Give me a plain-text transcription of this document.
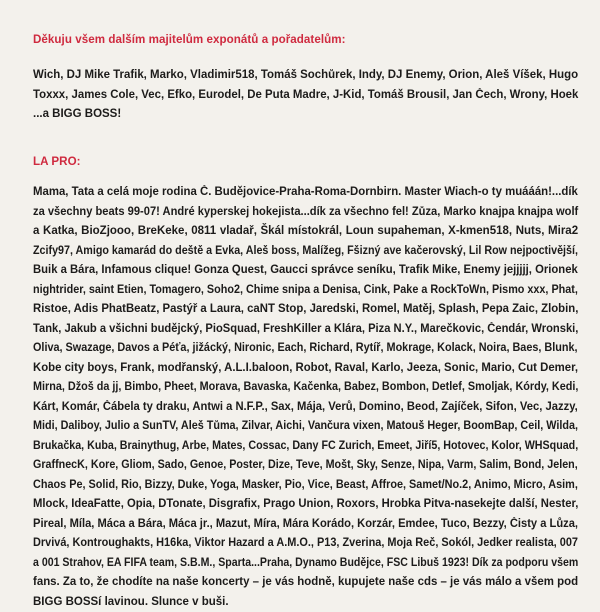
Děkuju všem dalším majitelům exponátů a pořadatelům:
Wich, DJ Mike Trafik, Marko, Vladimir518, Tomáš Sochůrek, Indy, DJ Enemy, Orion, Aleš Víšek, Hugo
Toxxx, James Cole, Vec, Efko, Eurodel, De Puta Madre, J-Kid, Tomáš Brousil, Jan Čech, Wrony, Hoek
...a BIGG BOSS!
LA PRO:
Mama, Tata a celá moje rodina Č. Budějovice-Praha-Roma-Dornbirn. Master Wiach-o ty muááán!...dík
za všechny beats 99-07! André kyperskej hokejista...dík za všechno fel! Zůza, Marko knajpa knajpa wolf
a Katka, BioZjooo, BreKeke, 0811 vladař, Škál místokrál, Loun supaheman, X-kmen518, Nuts, Mira2
Zcify97, Amigo kamarád do deště a Evka, Aleš boss, Malížeg, Fšizný ave kačerovský, Lil Row nejpoctivější,
Buik a Bára, Infamous clique! Gonza Quest, Gaucci správce seníku, Trafik Mike, Enemy jejjjjj, Orionek
nightrider, saint Etien, Tomagero, Soho2, Chime snipa a Denisa, Cink, Pake a RockToWn, Pismo xxx, Phat,
Ristoe, Adis PhatBeatz, Pastýř a Laura, caNT Stop, Jaredski, Romel, Matěj, Splash, Pepa Zaic, Zlobin,
Tank, Jakub a všichni budějcký, PioSquad, FreshKiller a Klára, Piza N.Y., Marečkovic, Čendár, Wronski,
Oliva, Swazage, Davos a Péťa, jižácký, Nironic, Each, Richard, Rytíř, Mokrage, Kolack, Noira, Baes, Blunk,
Kobe city boys, Frank, modřanský, A.L.I.baloon, Robot, Raval, Karlo, Jeeza, Sonic, Mario, Cut Demer,
Mirna, Džoš da jj, Bimbo, Pheet, Morava, Bavaska, Kačenka, Babez, Bombon, Detlef, Smoljak, Kórdy, Kedi,
Kárt, Komár, Čábela ty draku, Antwi a N.F.P., Sax, Mája, Verů, Domino, Beod, Zajíček, Sifon, Vec, Jazzy,
Midi, Daliboy, Julio a SunTV, Aleš Tůma, Zilvar, Aichi, Vančura vixen, Matouš Heger, BoomBap, Ceil, Wilda,
Brukačka, Kuba, Brainythug, Arbe, Mates, Cossac, Dany FC Zurich, Emeet, Jiří5, Hotovec, Kolor, WHSquad,
GraffnecK, Kore, Gliom, Sado, Genoe, Poster, Dize, Teve, Mošt, Sky, Senze, Nipa, Varm, Salim, Bond, Jelen,
Chaos Pe, Solid, Rio, Bizzy, Duke, Yoga, Masker, Pio, Vice, Beast, Affroe, Samet/No.2, Animo, Micro, Asim,
Mlock, IdeaFatte, Opia, DTonate, Disgrafix, Prago Union, Roxors, Hrobka Pitva-nasekejte další, Nester,
Pireal, Míla, Máca a Bára, Máca jr., Mazut, Míra, Mára Korádo, Korzár, Emdee, Tuco, Bezzy, Čisty a Lůza,
Drvivá, Kontroughakts, H16ka, Viktor Hazard a A.M.O., P13, Zverina, Moja Reč, Sokól, Jedker realista, 007
a 001 Strahov, EA FIFA team, S.B.M., Sparta...Praha, Dynamo Budějce, FSC Libuš 1923! Dík za podporu všem
fans. Za to, že chodíte na naše koncerty – je vás hodně, kupujete naše cds – je vás málo a všem pod
BIGG BOSSí lavinou. Slunce v buši.
